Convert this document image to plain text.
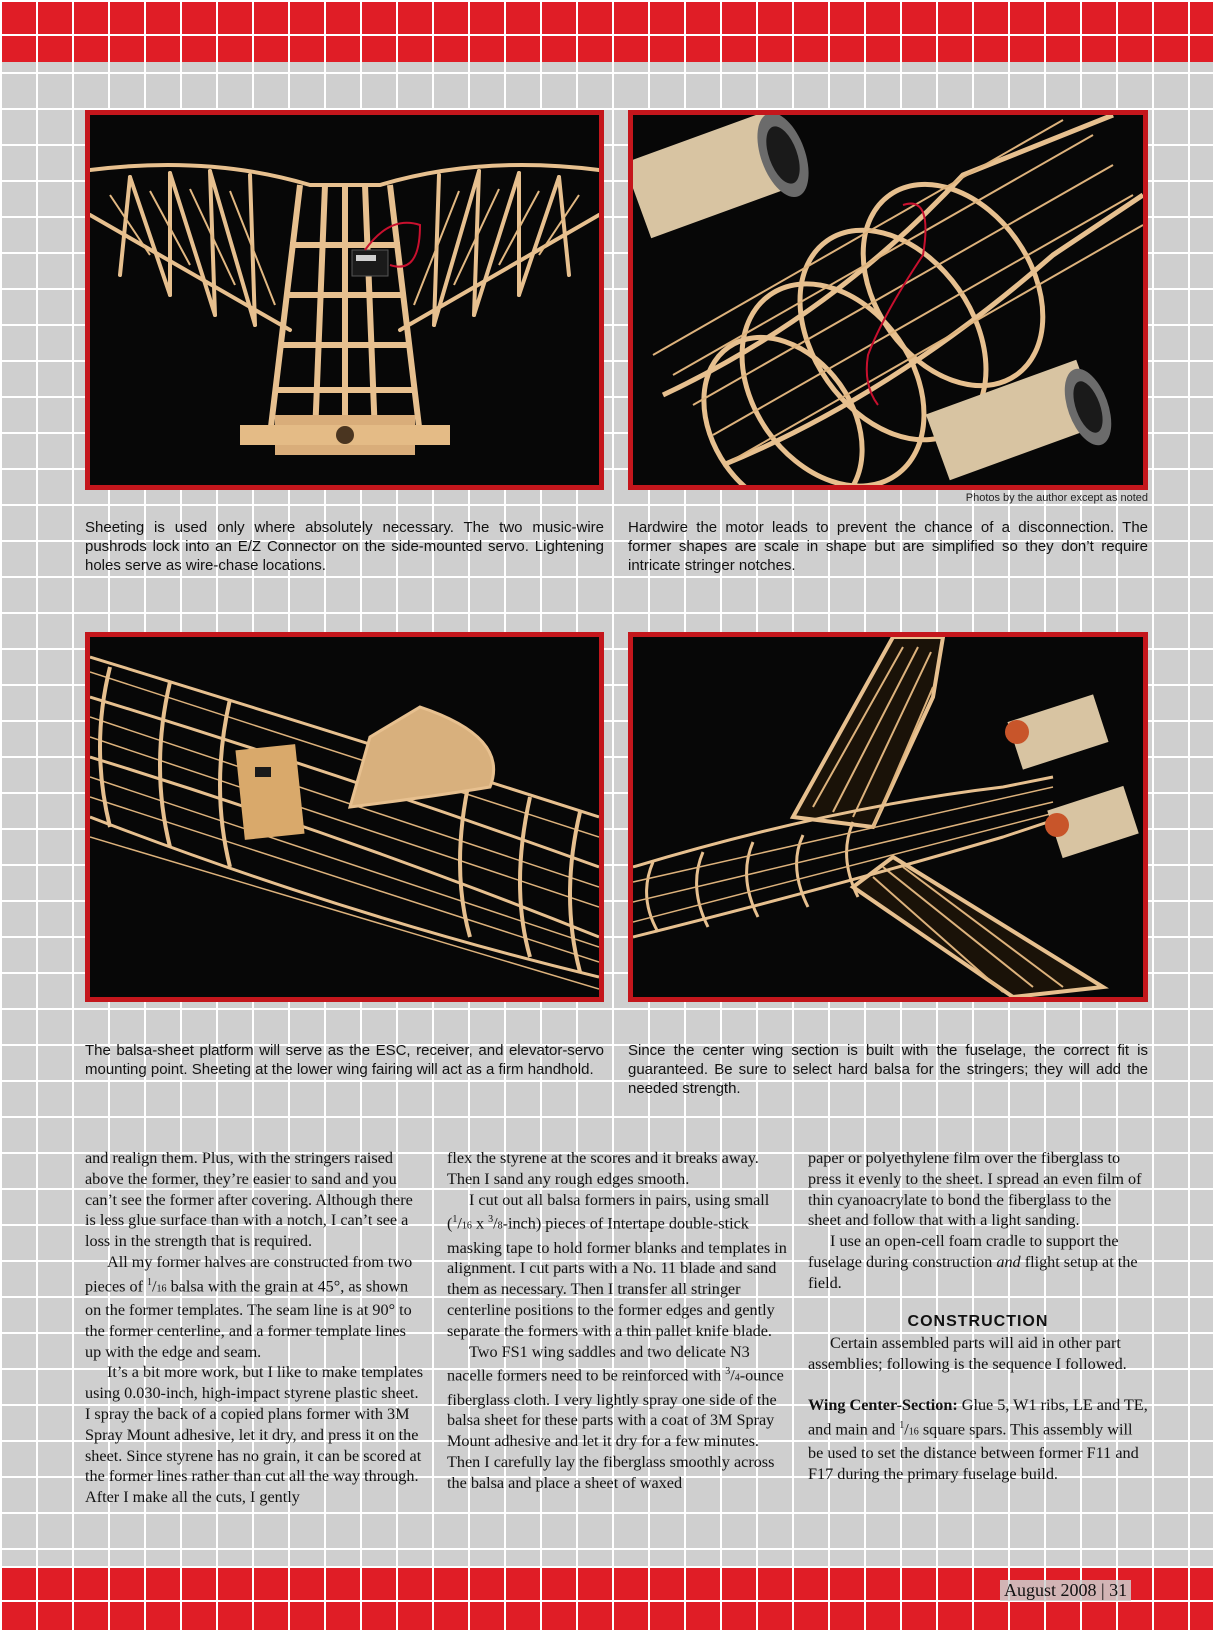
Photos by the author except as noted

Sheeting is used only where absolutely necessary. The two music-wire pushrods lock into an E/Z Connector on the side-mounted servo. Lightening holes serve as wire-chase locations.

Hardwire the motor leads to prevent the chance of a disconnection. The former shapes are scale in shape but are simplified so they don’t require intricate stringer notches.

The balsa-sheet platform will serve as the ESC, receiver, and elevator-servo mounting point. Sheeting at the lower wing fairing will act as a firm handhold.

Since the center wing section is built with the fuselage, the correct fit is guaranteed. Be sure to select hard balsa for the stringers; they will add the needed strength.

and realign them. Plus, with the stringers raised above the former, they’re easier to sand and you can’t see the former after covering. Although there is less glue surface than with a notch, I can’t see a loss in the strength that is required.

All my former halves are constructed from two pieces of $^1$/16 balsa with the grain at 45°, as shown on the former templates. The seam line is at 90° to the former centerline, and a former template lines up with the edge and seam.

It’s a bit more work, but I like to make templates using 0.030-inch, high-impact styrene plastic sheet. I spray the back of a copied plans former with 3M Spray Mount adhesive, let it dry, and press it on the sheet. Since styrene has no grain, it can be scored at the former lines rather than cut all the way through. After I make all the cuts, I gently

flex the styrene at the scores and it breaks away. Then I sand any rough edges smooth.

I cut out all balsa formers in pairs, using small ($^1$/16 x $^3$/8-inch) pieces of Intertape double-stick masking tape to hold former blanks and templates in alignment. I cut parts with a No. 11 blade and sand them as necessary. Then I transfer all stringer centerline positions to the former edges and gently separate the formers with a thin pallet knife blade.

Two FS1 wing saddles and two delicate N3 nacelle formers need to be reinforced with $^3$/4-ounce fiberglass cloth. I very lightly spray one side of the balsa sheet for these parts with a coat of 3M Spray Mount adhesive and let it dry for a few minutes. Then I carefully lay the fiberglass smoothly across the balsa and place a sheet of waxed

paper or polyethylene film over the fiberglass to press it evenly to the sheet. I spread an even film of thin cyanoacrylate to bond the fiberglass to the sheet and follow that with a light sanding.

I use an open-cell foam cradle to support the fuselage during construction and flight setup at the field.

CONSTRUCTION

Certain assembled parts will aid in other part assemblies; following is the sequence I followed.

Wing Center-Section: Glue 5, W1 ribs, LE and TE, and main and $^1$/16 square spars. This assembly will be used to set the distance between former F11 and F17 during the primary fuselage build.

August 2008 | 31
